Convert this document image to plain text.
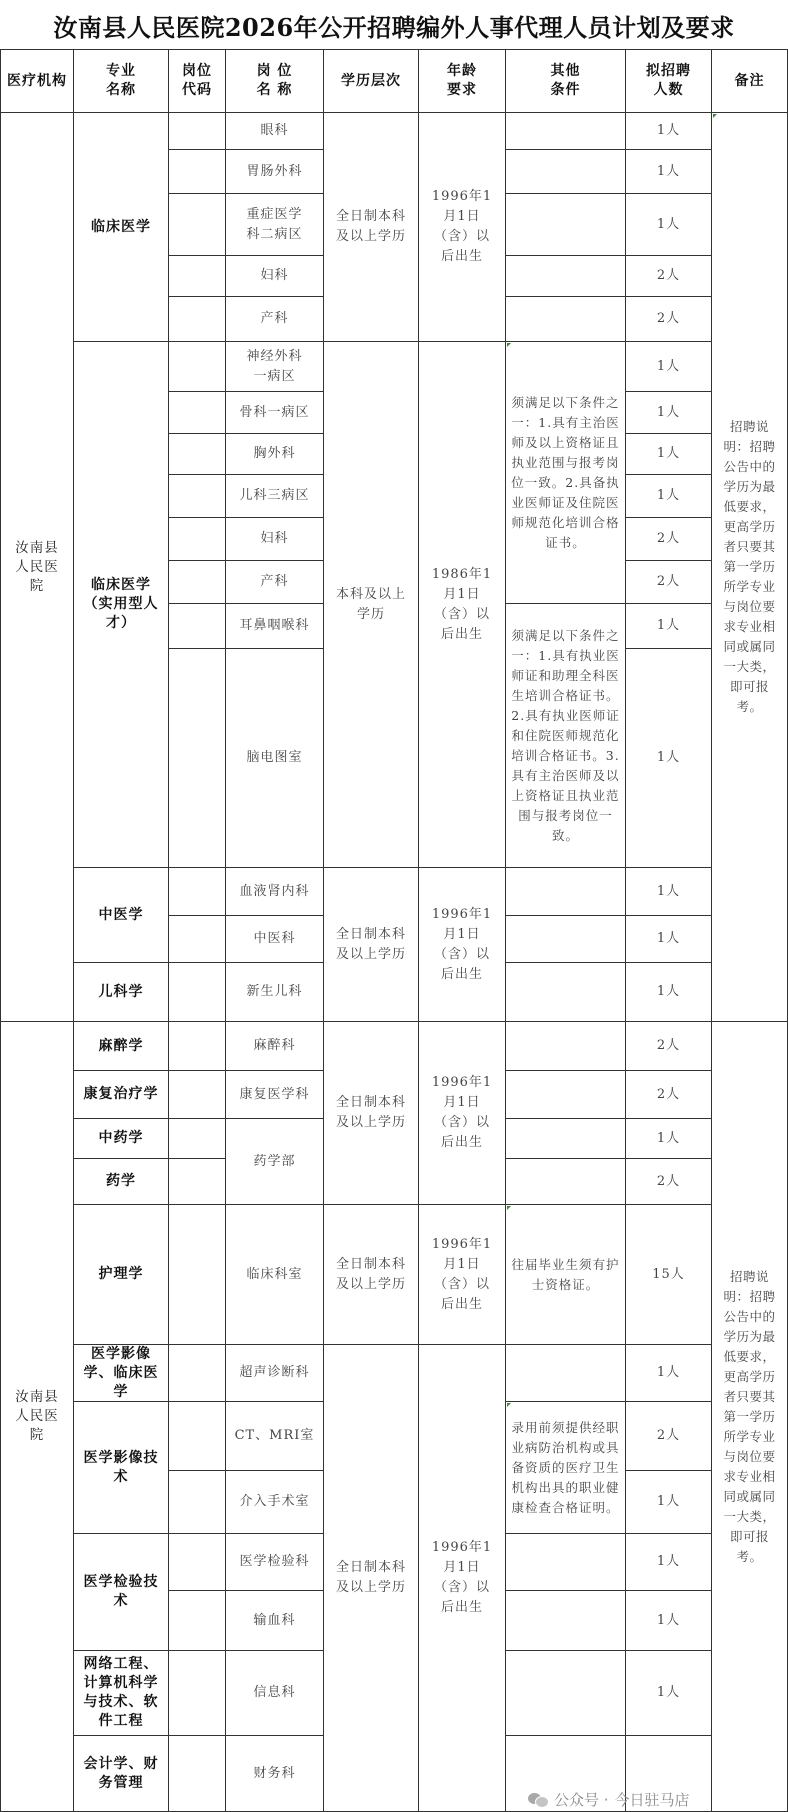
汝南县人民医院2026年公开招聘编外人事代理人员计划及要求
医疗机构
专业
名称
岗位
代码
岗 位
名 称
学历层次
年龄
要求
其他
条件
拟招聘
人数
备注
汝南县人民医院
汝南县人民医院
临床医学
临床医学（实用型人才）
中医学
儿科学
麻醉学
康复治疗学
中药学
药学
护理学
医学影像学、临床医学
医学影像技术
医学检验技术
网络工程、计算机科学与技术、软件工程
会计学、财务管理
眼科
胃肠外科
重症医学科二病区
妇科
产科
神经外科一病区
骨科一病区
胸外科
儿科三病区
妇科
产科
耳鼻咽喉科
脑电图室
血液肾内科
中医科
新生儿科
麻醉科
康复医学科
药学部
临床科室
超声诊断科
CT、MRI室
介入手术室
医学检验科
输血科
信息科
财务科
全日制本科及以上学历
本科及以上学历
全日制本科及以上学历
全日制本科及以上学历
全日制本科及以上学历
全日制本科及以上学历
1996年1月1日（含）以后出生
1986年1月1日（含）以后出生
1996年1月1日（含）以后出生
1996年1月1日（含）以后出生
1996年1月1日（含）以后出生
1996年1月1日（含）以后出生
须满足以下条件之一：1.具有主治医师及以上资格证且执业范围与报考岗位一致。2.具备执业医师证及住院医师规范化培训合格证书。
须满足以下条件之一：1.具有执业医师证和助理全科医生培训合格证书。2.具有执业医师证和住院医师规范化培训合格证书。3.具有主治医师及以上资格证且执业范围与报考岗位一致。
往届毕业生须有护士资格证。
录用前须提供经职业病防治机构或具备资质的医疗卫生机构出具的职业健康检查合格证明。
1人
1人
1人
2人
2人
1人
1人
1人
1人
2人
2人
1人
1人
1人
1人
1人
2人
2人
1人
2人
15人
1人
2人
1人
1人
1人
1人
招聘说明：招聘公告中的学历为最低要求，更高学历者只要其第一学历所学专业与岗位要求专业相同或属同一大类，即可报考。
招聘说明：招聘公告中的学历为最低要求，更高学历者只要其第一学历所学专业与岗位要求专业相同或属同一大类，即可报考。
公众号 · 今日驻马店
